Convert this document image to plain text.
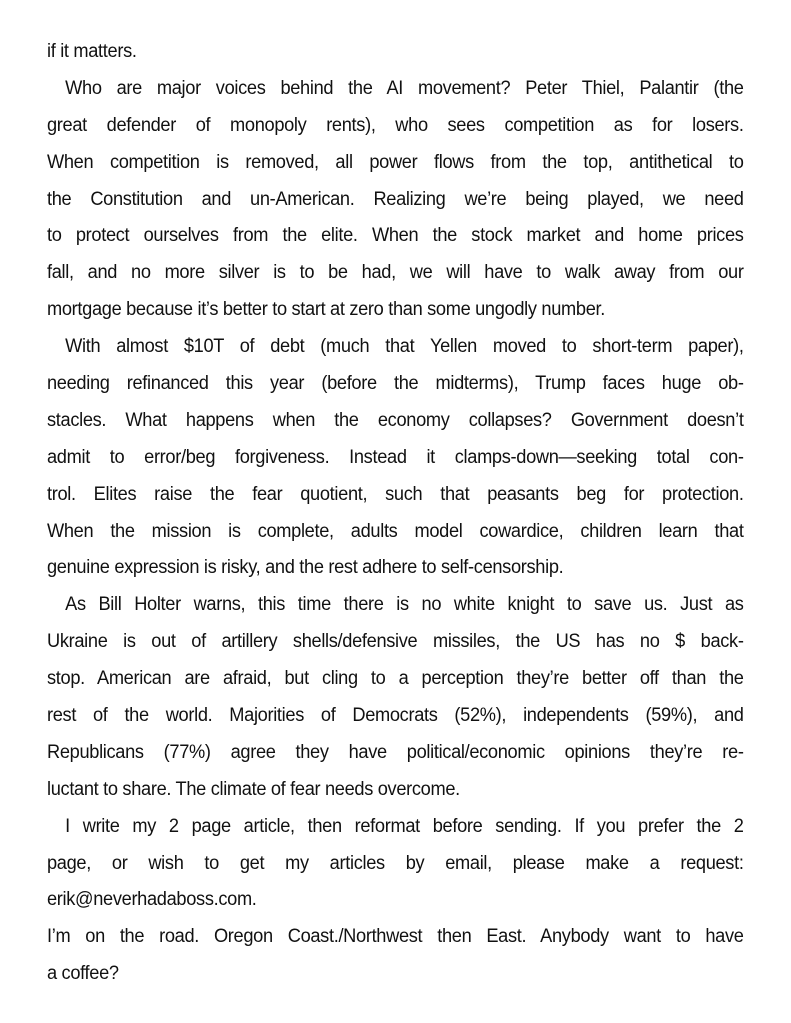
if it matters.
Who are major voices behind the AI movement? Peter Thiel, Palantir (the
great defender of monopoly rents), who sees competition as for losers.
When competition is removed, all power flows from the top, antithetical to
the Constitution and un-American. Realizing we’re being played, we need
to protect ourselves from the elite. When the stock market and home prices
fall, and no more silver is to be had, we will have to walk away from our
mortgage because it’s better to start at zero than some ungodly number.
With almost $10T of debt (much that Yellen moved to short-term paper),
needing refinanced this year (before the midterms), Trump faces huge ob-
stacles. What happens when the economy collapses? Government doesn’t
admit to error/beg forgiveness. Instead it clamps-down—seeking total con-
trol. Elites raise the fear quotient, such that peasants beg for protection.
When the mission is complete, adults model cowardice, children learn that
genuine expression is risky, and the rest adhere to self-censorship.
As Bill Holter warns, this time there is no white knight to save us. Just as
Ukraine is out of artillery shells/defensive missiles, the US has no $ back-
stop. American are afraid, but cling to a perception they’re better off than the
rest of the world. Majorities of Democrats (52%), independents (59%), and
Republicans (77%) agree they have political/economic opinions they’re re-
luctant to share. The climate of fear needs overcome.
I write my 2 page article, then reformat before sending. If you prefer the 2
page, or wish to get my articles by email, please make a request:
erik@neverhadaboss.com.
I’m on the road. Oregon Coast./Northwest then East. Anybody want to have
a coffee?
